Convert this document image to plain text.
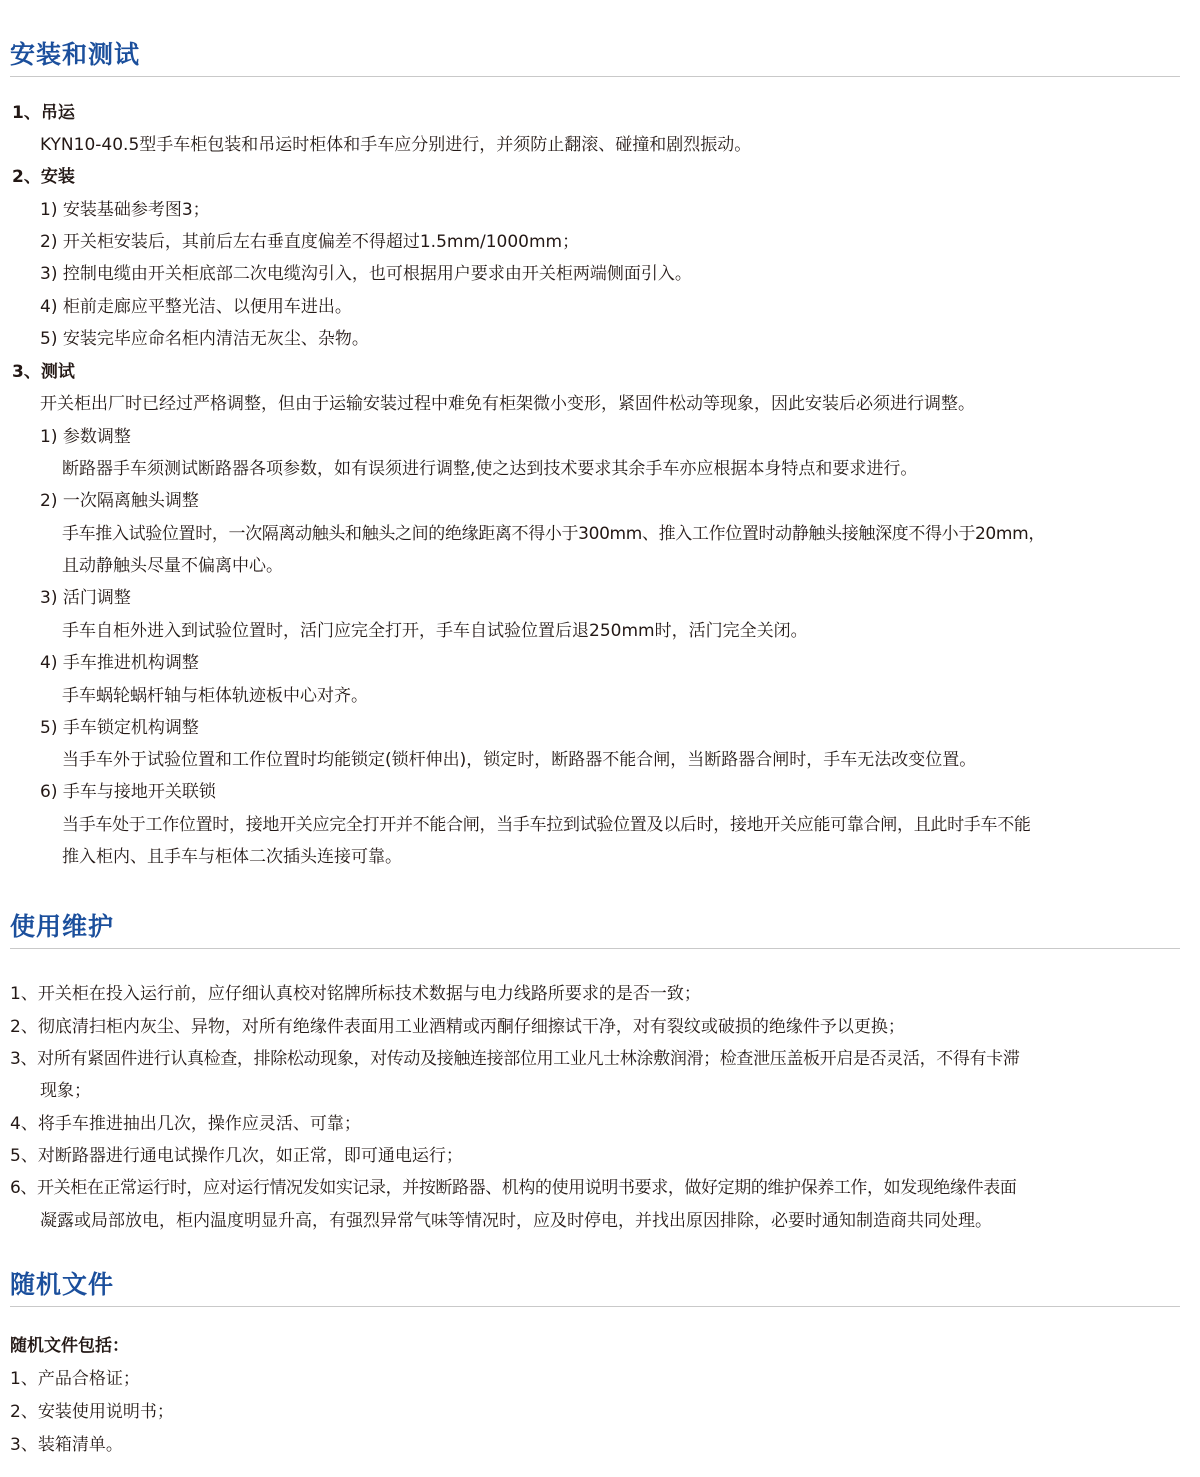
安装和测试

1、吊运

KYN10-40.5型手车柜包装和吊运时柜体和手车应分别进行，并须防止翻滚、碰撞和剧烈振动。

2、安装

1) 安装基础参考图3；

2) 开关柜安装后，其前后左右垂直度偏差不得超过1.5mm/1000mm；

3) 控制电缆由开关柜底部二次电缆沟引入，也可根据用户要求由开关柜两端侧面引入。

4) 柜前走廊应平整光洁、以便用车进出。

5) 安装完毕应命名柜内清洁无灰尘、杂物。

3、测试

开关柜出厂时已经过严格调整，但由于运输安装过程中难免有柜架微小变形，紧固件松动等现象，因此安装后必须进行调整。

1) 参数调整

断路器手车须测试断路器各项参数，如有误须进行调整,使之达到技术要求其余手车亦应根据本身特点和要求进行。

2) 一次隔离触头调整

手车推入试验位置时，一次隔离动触头和触头之间的绝缘距离不得小于300mm、推入工作位置时动静触头接触深度不得小于20mm，

且动静触头尽量不偏离中心。

3) 活门调整

手车自柜外进入到试验位置时，活门应完全打开，手车自试验位置后退250mm时，活门完全关闭。

4) 手车推进机构调整

手车蜗轮蜗杆轴与柜体轨迹板中心对齐。

5) 手车锁定机构调整

当手车外于试验位置和工作位置时均能锁定(锁杆伸出)，锁定时，断路器不能合闸，当断路器合闸时，手车无法改变位置。

6) 手车与接地开关联锁

当手车处于工作位置时，接地开关应完全打开并不能合闸，当手车拉到试验位置及以后时，接地开关应能可靠合闸，且此时手车不能

推入柜内、且手车与柜体二次插头连接可靠。

使用维护

1、开关柜在投入运行前，应仔细认真校对铭牌所标技术数据与电力线路所要求的是否一致；

2、彻底清扫柜内灰尘、异物，对所有绝缘件表面用工业酒精或丙酮仔细擦试干净，对有裂纹或破损的绝缘件予以更换；

3、对所有紧固件进行认真检查，排除松动现象，对传动及接触连接部位用工业凡士林涂敷润滑；检查泄压盖板开启是否灵活，不得有卡滞

现象；

4、将手车推进抽出几次，操作应灵活、可靠；

5、对断路器进行通电试操作几次，如正常，即可通电运行；

6、开关柜在正常运行时，应对运行情况发如实记录，并按断路器、机构的使用说明书要求，做好定期的维护保养工作，如发现绝缘件表面

凝露或局部放电，柜内温度明显升高，有强烈异常气味等情况时，应及时停电，并找出原因排除，必要时通知制造商共同处理。

随机文件

随机文件包括：

1、产品合格证；

2、安装使用说明书；

3、装箱清单。
